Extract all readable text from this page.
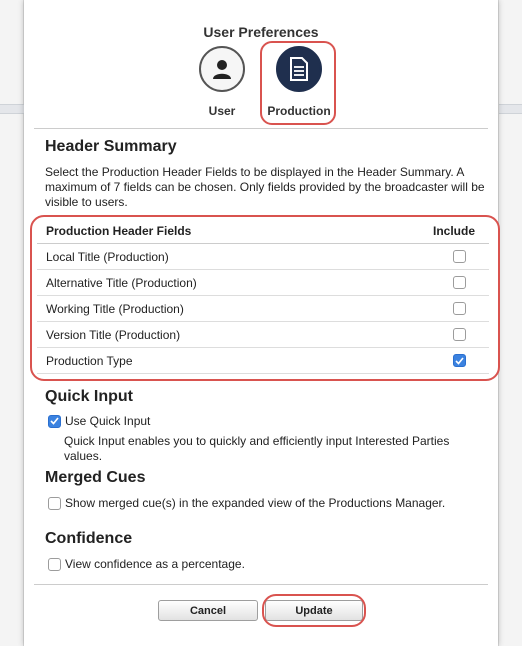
User Preferences
User	Production
Header Summary
Select the Production Header Fields to be displayed in the Header Summary. A maximum of 7 fields can be chosen. Only fields provided by the broadcaster will be visible to users.
Production Header Fields	Include
Local Title (Production)
Alternative Title (Production)
Working Title (Production)
Version Title (Production)
Production Type
Quick Input
Use Quick Input
Quick Input enables you to quickly and efficiently input Interested Parties values.
Merged Cues
Show merged cue(s) in the expanded view of the Productions Manager.
Confidence
View confidence as a percentage.
Cancel	Update
